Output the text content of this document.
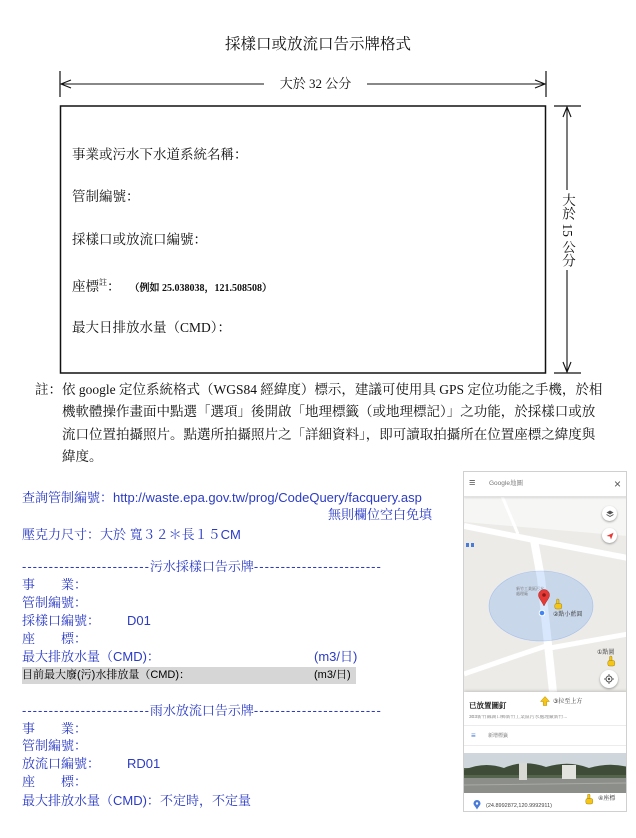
採樣口或放流口告示牌格式
大於 32 公分
大於 15 公分
事業或污水下水道系統名稱：
管制編號：
採樣口或放流口編號：
座標$^註$： （例如 25.038038，121.508508）
最大日排放水量（CMD）：
註：依 google 定位系統格式（WGS84 經緯度）標示，建議可使用具 GPS 定位功能之手機，於相
機軟體操作畫面中點選「選項」後開啟「地理標籤（或地理標記）」之功能，於採樣口或放
流口位置拍攝照片。點選所拍攝照片之「詳細資料」，即可讀取拍攝所在位置座標之緯度與
緯度。
查詢管制編號：http://waste.epa.gov.tw/prog/CodeQuery/facquery.asp
無則欄位空白免填
壓克力尺寸：大於 寬３２＊長１５CM
------------------------污水採樣口告示牌------------------------
事　　業：
管制編號：
採樣口編號： D01
座　　標：
最大排放水量（CMD)：	(m3/日)
目前最大廢(污)水排放量（CMD)：	(m3/日)
------------------------雨水放流口告示牌------------------------
事　　業：
管制編號：
放流口編號： RD01
座　　標：
最大排放水量（CMD)：不定時，不定量
≡ Google地圖	×
新竹工業區污水處理廠
②點小藍圓
①點圖
已放置圖釘	③拉至上方
303新竹縣湖口鄉新竹工業區污水處理廠新竹...
≡ 新增標籤
(24.8992872,120.9992911)
④座標
